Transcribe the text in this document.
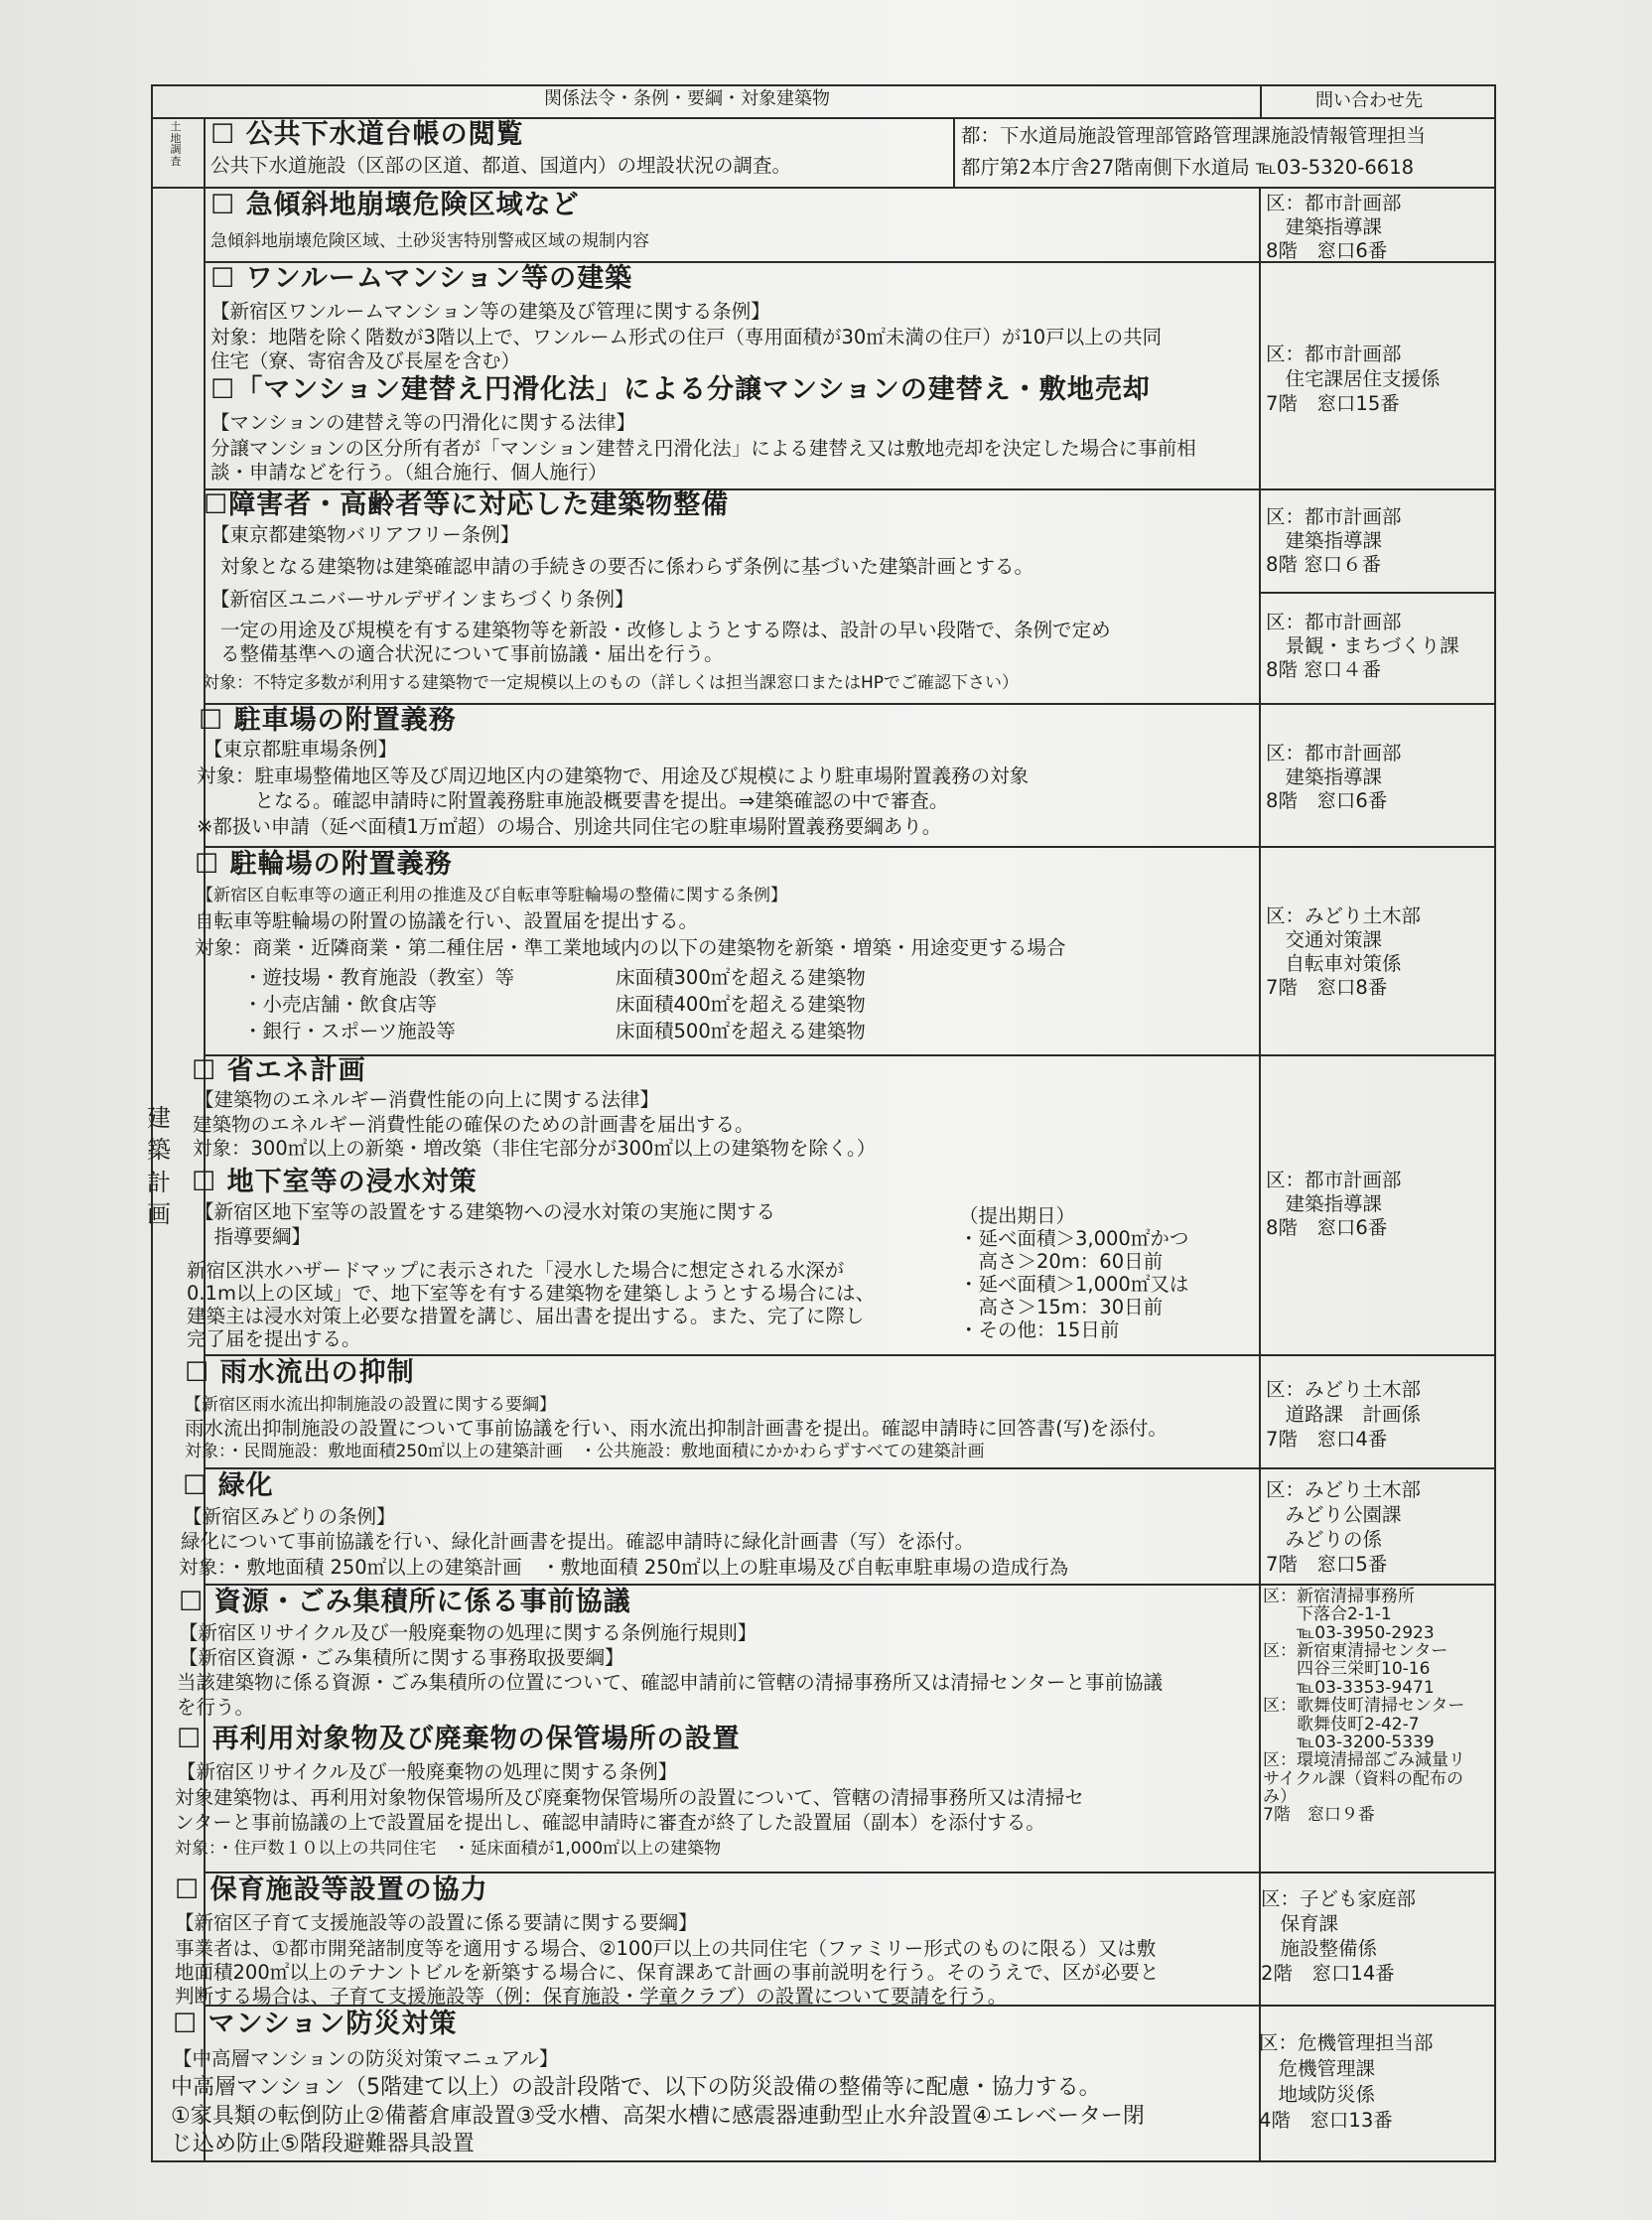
関係法令・条例・要綱・対象建築物	問い合わせ先
土地調査
建築計画
☐ 公共下水道台帳の閲覧
公共下水道施設（区部の区道、都道、国道内）の埋設状況の調査。
都：下水道局施設管理部管路管理課施設情報管理担当
都庁第2本庁舎27階南側下水道局 ℡03-5320-6618
☐ 急傾斜地崩壊危険区域など
急傾斜地崩壊危険区域、土砂災害特別警戒区域の規制内容
区：都市計画部
　建築指導課
8階　窓口6番
☐ ワンルームマンション等の建築
【新宿区ワンルームマンション等の建築及び管理に関する条例】
対象：地階を除く階数が3階以上で、ワンルーム形式の住戸（専用面積が30㎡未満の住戸）が10戸以上の共同
住宅（寮、寄宿舎及び長屋を含む）
☐「マンション建替え円滑化法」による分譲マンションの建替え・敷地売却
【マンションの建替え等の円滑化に関する法律】
分譲マンションの区分所有者が「マンション建替え円滑化法」による建替え又は敷地売却を決定した場合に事前相
談・申請などを行う。（組合施行、個人施行）
区：都市計画部
　住宅課居住支援係
7階　窓口15番
☐障害者・高齢者等に対応した建築物整備
【東京都建築物バリアフリー条例】
対象となる建築物は建築確認申請の手続きの要否に係わらず条例に基づいた建築計画とする。
【新宿区ユニバーサルデザインまちづくり条例】
一定の用途及び規模を有する建築物等を新設・改修しようとする際は、設計の早い段階で、条例で定め
る整備基準への適合状況について事前協議・届出を行う。
対象：不特定多数が利用する建築物で一定規模以上のもの（詳しくは担当課窓口またはHPでご確認下さい）
区：都市計画部
　建築指導課
8階 窓口６番
区：都市計画部
　景観・まちづくり課
8階 窓口４番
☐ 駐車場の附置義務
【東京都駐車場条例】
対象：駐車場整備地区等及び周辺地区内の建築物で、用途及び規模により駐車場附置義務の対象
　　　となる。確認申請時に附置義務駐車施設概要書を提出。⇒建築確認の中で審査。
※都扱い申請（延べ面積1万㎡超）の場合、別途共同住宅の駐車場附置義務要綱あり。
区：都市計画部
　建築指導課
8階　窓口6番
☐ 駐輪場の附置義務
【新宿区自転車等の適正利用の推進及び自転車等駐輪場の整備に関する条例】
自転車等駐輪場の附置の協議を行い、設置届を提出する。
対象：商業・近隣商業・第二種住居・準工業地域内の以下の建築物を新築・増築・用途変更する場合
・遊技場・教育施設（教室）等	床面積300㎡を超える建築物
・小売店舗・飲食店等	床面積400㎡を超える建築物
・銀行・スポーツ施設等	床面積500㎡を超える建築物
区：みどり土木部
　交通対策課
　自転車対策係
7階　窓口8番
☐ 省エネ計画
【建築物のエネルギー消費性能の向上に関する法律】
建築物のエネルギー消費性能の確保のための計画書を届出する。
対象：300㎡以上の新築・増改築（非住宅部分が300㎡以上の建築物を除く。）
☐ 地下室等の浸水対策
【新宿区地下室等の設置をする建築物への浸水対策の実施に関する
　指導要綱】
新宿区洪水ハザードマップに表示された「浸水した場合に想定される水深が
0.1m以上の区域」で、地下室等を有する建築物を建築しようとする場合には、
建築主は浸水対策上必要な措置を講じ、届出書を提出する。また、完了に際し
完了届を提出する。
（提出期日）
・延べ面積＞3,000㎡かつ
　高さ＞20m：60日前
・延べ面積＞1,000㎡又は
　高さ＞15m：30日前
・その他：15日前
区：都市計画部
　建築指導課
8階　窓口6番
☐ 雨水流出の抑制
【新宿区雨水流出抑制施設の設置に関する要綱】
雨水流出抑制施設の設置について事前協議を行い、雨水流出抑制計画書を提出。確認申請時に回答書(写)を添付。
対象：・民間施設：敷地面積250㎡以上の建築計画　・公共施設：敷地面積にかかわらずすべての建築計画
区：みどり土木部
　道路課　計画係
7階　窓口4番
☐ 緑化
【新宿区みどりの条例】
緑化について事前協議を行い、緑化計画書を提出。確認申請時に緑化計画書（写）を添付。
対象：・敷地面積 250㎡以上の建築計画　・敷地面積 250㎡以上の駐車場及び自転車駐車場の造成行為
区：みどり土木部
　みどり公園課
　みどりの係
7階　窓口5番
☐ 資源・ごみ集積所に係る事前協議
【新宿区リサイクル及び一般廃棄物の処理に関する条例施行規則】
【新宿区資源・ごみ集積所に関する事務取扱要綱】
当該建築物に係る資源・ごみ集積所の位置について、確認申請前に管轄の清掃事務所又は清掃センターと事前協議
を行う。
☐ 再利用対象物及び廃棄物の保管場所の設置
【新宿区リサイクル及び一般廃棄物の処理に関する条例】
対象建築物は、再利用対象物保管場所及び廃棄物保管場所の設置について、管轄の清掃事務所又は清掃セ
ンターと事前協議の上で設置届を提出し、確認申請時に審査が終了した設置届（副本）を添付する。
対象：・住戸数１０以上の共同住宅　・延床面積が1,000㎡以上の建築物
区：新宿清掃事務所
　　下落合2-1-1
　　℡03-3950-2923
区：新宿東清掃センター
　　四谷三栄町10-16
　　℡03-3353-9471
区：歌舞伎町清掃センター
　　歌舞伎町2-42-7
　　℡03-3200-5339
区：環境清掃部ごみ減量リ
サイクル課（資料の配布の
み）
7階　窓口９番
☐ 保育施設等設置の協力
【新宿区子育て支援施設等の設置に係る要請に関する要綱】
事業者は、①都市開発諸制度等を適用する場合、②100戸以上の共同住宅（ファミリー形式のものに限る）又は敷
地面積200㎡以上のテナントビルを新築する場合に、保育課あて計画の事前説明を行う。そのうえで、区が必要と
判断する場合は、子育て支援施設等（例：保育施設・学童クラブ）の設置について要請を行う。
区：子ども家庭部
　保育課
　施設整備係
2階　窓口14番
☐ マンション防災対策
【中高層マンションの防災対策マニュアル】
中高層マンション（5階建て以上）の設計段階で、以下の防災設備の整備等に配慮・協力する。
①家具類の転倒防止②備蓄倉庫設置③受水槽、高架水槽に感震器連動型止水弁設置④エレベーター閉
じ込め防止⑤階段避難器具設置
区：危機管理担当部
　危機管理課
　地域防災係
4階　窓口13番
